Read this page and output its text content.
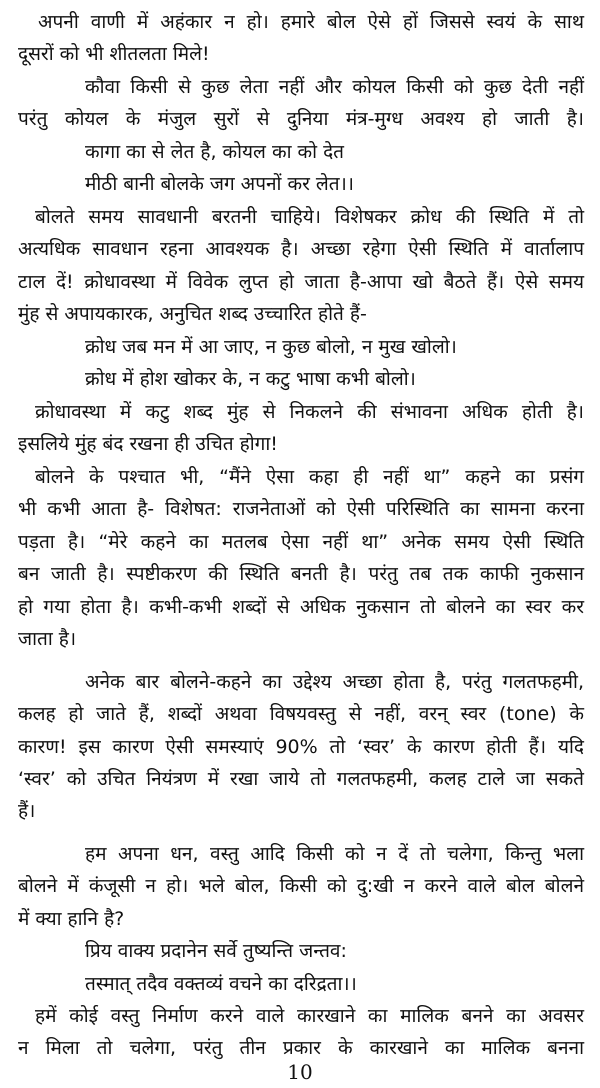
अपनी वाणी में अहंकार न हो। हमारे बोल ऐसे हों जिससे स्वयं के साथ
दूसरों को भी शीतलता मिले!
कौवा किसी से कुछ लेता नहीं और कोयल किसी को कुछ देती नहीं
परंतु कोयल के मंजुल सुरों से दुनिया मंत्र-मुग्ध अवश्य हो जाती है।
कागा का से लेत है, कोयल का को देत
मीठी बानी बोलके जग अपनों कर लेत।।
बोलते समय सावधानी बरतनी चाहिये। विशेषकर क्रोध की स्थिति में तो
अत्यधिक सावधान रहना आवश्यक है। अच्छा रहेगा ऐसी स्थिति में वार्तालाप
टाल दें! क्रोधावस्था में विवेक लुप्त हो जाता है-आपा खो बैठते हैं। ऐसे समय
मुंह से अपायकारक, अनुचित शब्द उच्चारित होते हैं-
क्रोध जब मन में आ जाए, न कुछ बोलो, न मुख खोलो।
क्रोध में होश खोकर के, न कटु भाषा कभी बोलो।
क्रोधावस्था में कटु शब्द मुंह से निकलने की संभावना अधिक होती है।
इसलिये मुंह बंद रखना ही उचित होगा!
बोलने के पश्चात भी, “मैंने ऐसा कहा ही नहीं था” कहने का प्रसंग
भी कभी आता है- विशेषत: राजनेताओं को ऐसी परिस्थिति का सामना करना
पड़ता है। “मेरे कहने का मतलब ऐसा नहीं था” अनेक समय ऐसी स्थिति
बन जाती है। स्पष्टीकरण की स्थिति बनती है। परंतु तब तक काफी नुकसान
हो गया होता है। कभी-कभी शब्दों से अधिक नुकसान तो बोलने का स्वर कर
जाता है।
अनेक बार बोलने-कहने का उद्देश्य अच्छा होता है, परंतु गलतफहमी,
कलह हो जाते हैं, शब्दों अथवा विषयवस्तु से नहीं, वरन् स्वर (tone) के
कारण! इस कारण ऐसी समस्याएं 90% तो ‘स्वर’ के कारण होती हैं। यदि
‘स्वर’ को उचित नियंत्रण में रखा जाये तो गलतफहमी, कलह टाले जा सकते
हैं।
हम अपना धन, वस्तु आदि किसी को न दें तो चलेगा, किन्तु भला
बोलने में कंजूसी न हो। भले बोल, किसी को दु:खी न करने वाले बोल बोलने
में क्या हानि है?
प्रिय वाक्य प्रदानेन सर्वे तुष्यन्ति जन्तव:
तस्मात् तदैव वक्तव्यं वचने का दरिद्रता।।
हमें कोई वस्तु निर्माण करने वाले कारखाने का मालिक बनने का अवसर
न मिला तो चलेगा, परंतु तीन प्रकार के कारखाने का मालिक बनना
10
